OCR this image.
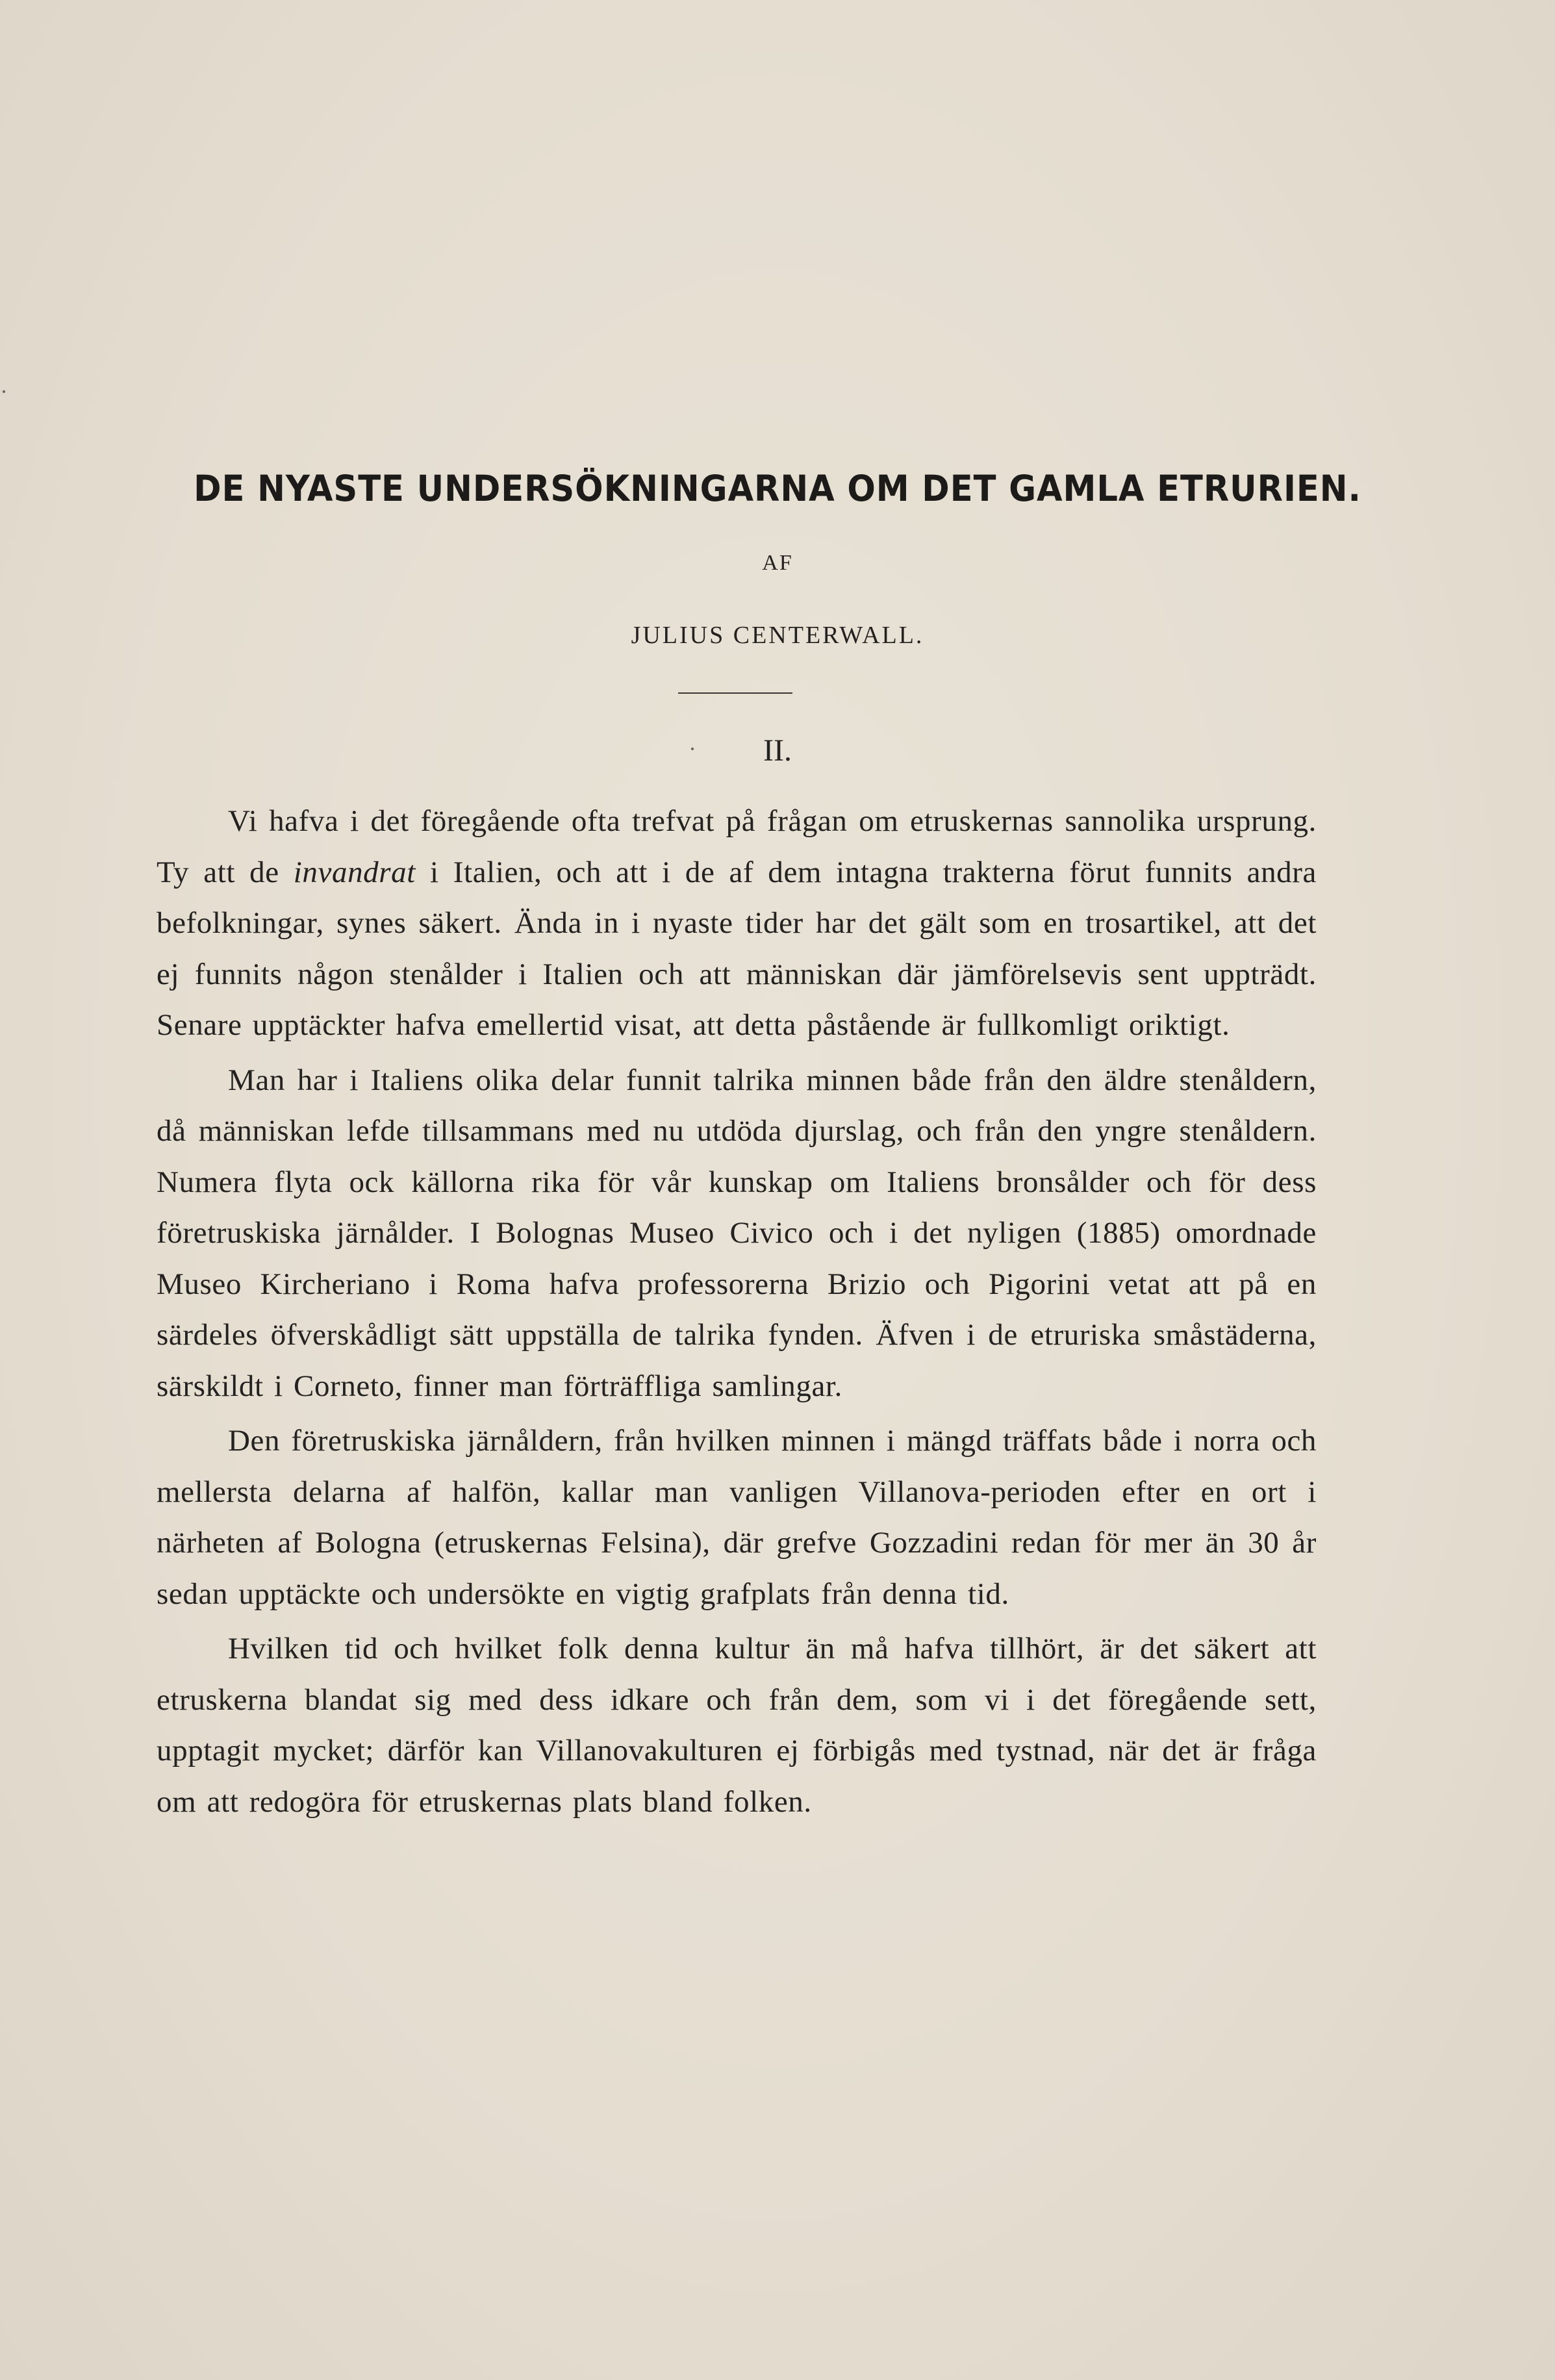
DE NYASTE UNDERSÖKNINGARNA OM DET GAMLA ETRURIEN.
AF
JULIUS CENTERWALL.
II.

Vi hafva i det föregående ofta trefvat på frågan om etruskernas sannolika ursprung. Ty att de invandrat i Italien, och att i de af dem intagna trakterna förut funnits andra befolkningar, synes säkert. Ända in i nyaste tider har det gält som en trosartikel, att det ej funnits någon stenålder i Italien och att människan där jämförelsevis sent uppträdt. Senare upptäckter hafva emellertid visat, att detta påstående är fullkomligt oriktigt.

Man har i Italiens olika delar funnit talrika minnen både från den äldre stenåldern, då människan lefde tillsammans med nu utdöda djurslag, och från den yngre stenåldern. Numera flyta ock källorna rika för vår kunskap om Italiens bronsålder och för dess företruskiska järnålder. I Bolognas Museo Civico och i det nyligen (1885) omordnade Museo Kircheriano i Roma hafva professorerna Brizio och Pigorini vetat att på en särdeles öfverskådligt sätt uppställa de talrika fynden. Äfven i de etruriska småstäderna, särskildt i Corneto, finner man förträffliga samlingar.

Den företruskiska järnåldern, från hvilken minnen i mängd träffats både i norra och mellersta delarna af halfön, kallar man vanligen Villanova-perioden efter en ort i närheten af Bologna (etruskernas Felsina), där grefve Gozzadini redan för mer än 30 år sedan upptäckte och undersökte en vigtig grafplats från denna tid.

Hvilken tid och hvilket folk denna kultur än må hafva tillhört, är det säkert att etruskerna blandat sig med dess idkare och från dem, som vi i det föregående sett, upptagit mycket; därför kan Villanovakulturen ej förbigås med tystnad, när det är fråga om att redogöra för etruskernas plats bland folken.

·
·
